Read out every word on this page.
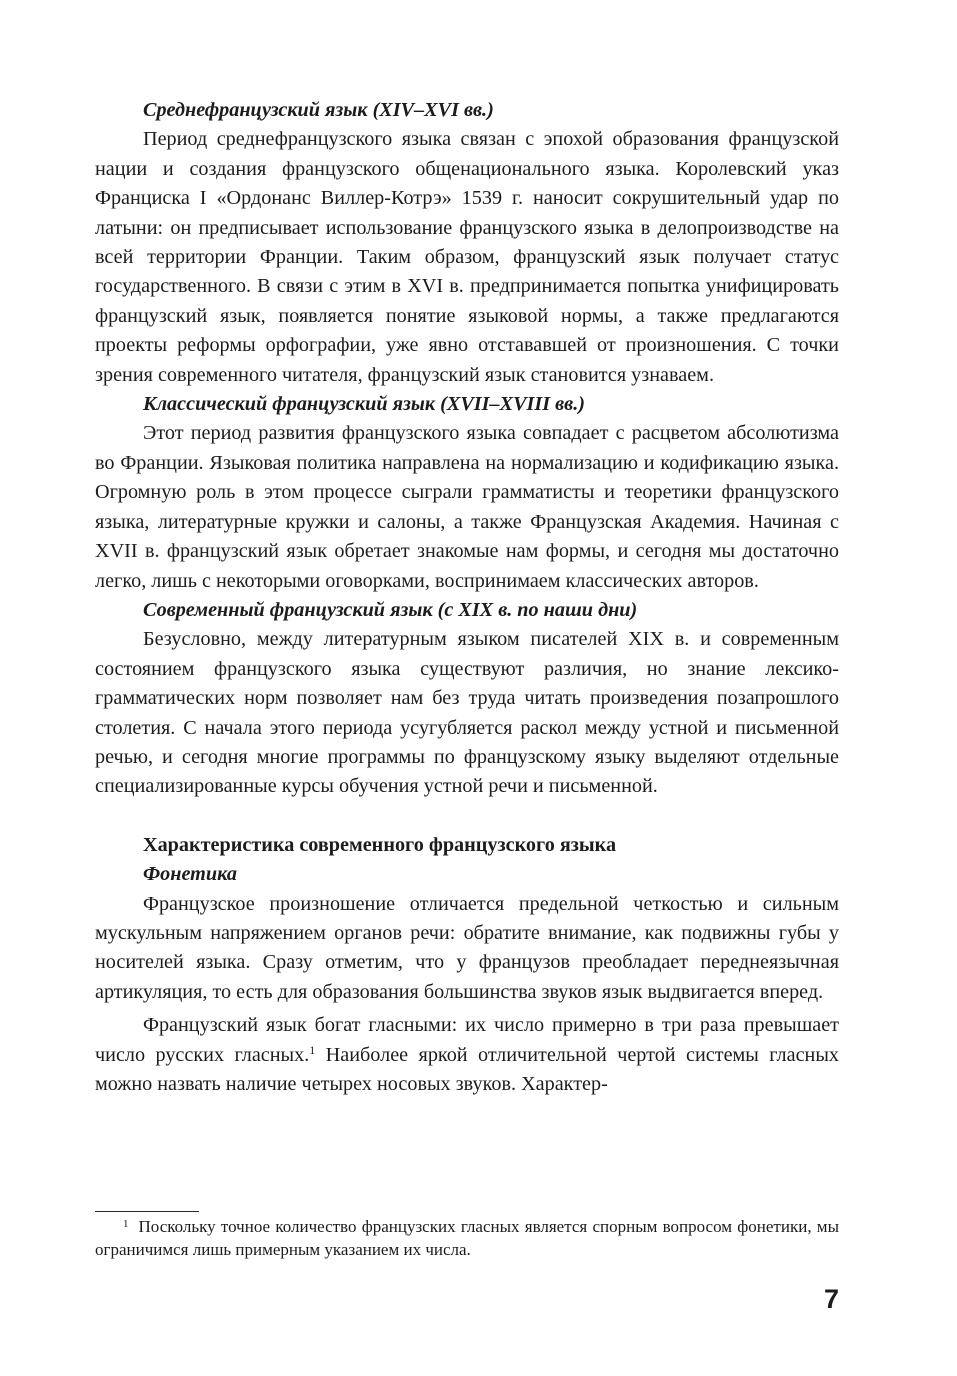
Среднефранцузский язык (XIV–XVI вв.)

Период среднефранцузского языка связан с эпохой образования французской нации и создания французского общенационального языка. Королевский указ Франциска I «Ордонанс Виллер-Котрэ» 1539 г. наносит сокрушительный удар по латыни: он предписывает использование французского языка в делопроизводстве на всей территории Франции. Таким образом, французский язык получает статус государственного. В связи с этим в XVI в. предпринимается попытка унифицировать французский язык, появляется понятие языковой нормы, а также предлагаются проекты реформы орфографии, уже явно отстававшей от произношения. С точки зрения современного читателя, французский язык становится узнаваем.

Классический французский язык (XVII–XVIII вв.)

Этот период развития французского языка совпадает с расцветом абсолютизма во Франции. Языковая политика направлена на нормализацию и кодификацию языка. Огромную роль в этом процессе сыграли грамматисты и теоретики французского языка, литературные кружки и салоны, а также Французская Академия. Начиная с XVII в. французский язык обретает знакомые нам формы, и сегодня мы достаточно легко, лишь с некоторыми оговорками, воспринимаем классических авторов.

Современный французский язык (с XIX в. по наши дни)

Безусловно, между литературным языком писателей XIX в. и современным состоянием французского языка существуют различия, но знание лексико-грамматических норм позволяет нам без труда читать произведения позапрошлого столетия. С начала этого периода усугубляется раскол между устной и письменной речью, и сегодня многие программы по французскому языку выделяют отдельные специализированные курсы обучения устной речи и письменной.

Характеристика современного французского языка
Фонетика

Французское произношение отличается предельной четкостью и сильным мускульным напряжением органов речи: обратите внимание, как подвижны губы у носителей языка. Сразу отметим, что у французов преобладает переднеязычная артикуляция, то есть для образования большинства звуков язык выдвигается вперед.

Французский язык богат гласными: их число примерно в три раза превышает число русских гласных.$^1$ Наиболее яркой отличительной чертой системы гласных можно назвать наличие четырех носовых звуков. Характер-

$^1$ Поскольку точное количество французских гласных является спорным вопросом фонетики, мы ограничимся лишь примерным указанием их числа.

7
